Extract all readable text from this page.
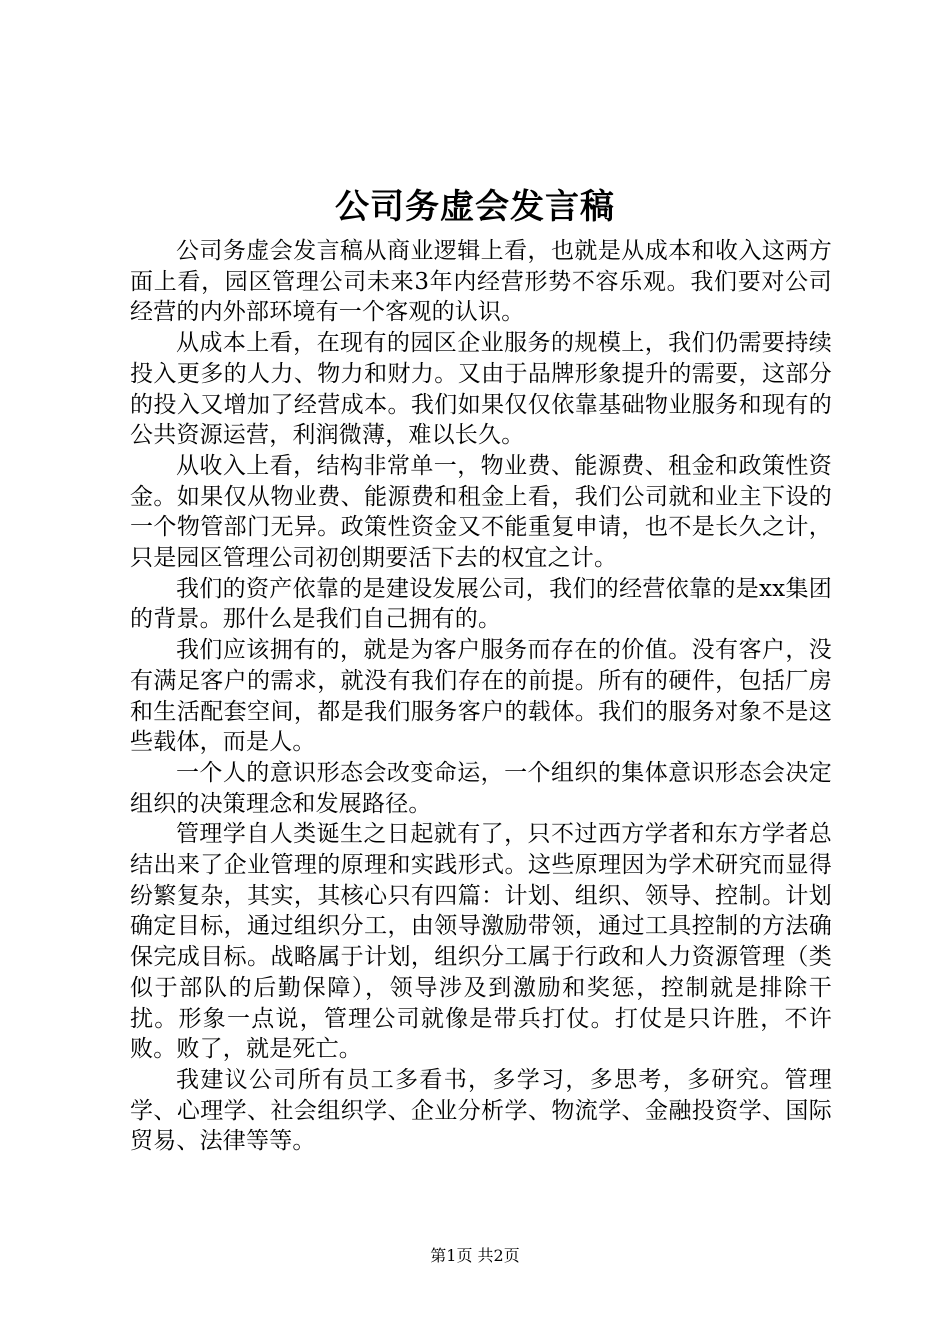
公司务虚会发言稿

公司务虚会发言稿从商业逻辑上看，也就是从成本和收入这两方面上看，园区管理公司未来3年内经营形势不容乐观。我们要对公司经营的内外部环境有一个客观的认识。

从成本上看，在现有的园区企业服务的规模上，我们仍需要持续投入更多的人力、物力和财力。又由于品牌形象提升的需要，这部分的投入又增加了经营成本。我们如果仅仅依靠基础物业服务和现有的公共资源运营，利润微薄，难以长久。

从收入上看，结构非常单一，物业费、能源费、租金和政策性资金。如果仅从物业费、能源费和租金上看，我们公司就和业主下设的一个物管部门无异。政策性资金又不能重复申请，也不是长久之计，只是园区管理公司初创期要活下去的权宜之计。

我们的资产依靠的是建设发展公司，我们的经营依靠的是xx集团的背景。那什么是我们自己拥有的。

我们应该拥有的，就是为客户服务而存在的价值。没有客户，没有满足客户的需求，就没有我们存在的前提。所有的硬件，包括厂房和生活配套空间，都是我们服务客户的载体。我们的服务对象不是这些载体，而是人。

一个人的意识形态会改变命运，一个组织的集体意识形态会决定组织的决策理念和发展路径。

管理学自人类诞生之日起就有了，只不过西方学者和东方学者总结出来了企业管理的原理和实践形式。这些原理因为学术研究而显得纷繁复杂，其实，其核心只有四篇：计划、组织、领导、控制。计划确定目标，通过组织分工，由领导激励带领，通过工具控制的方法确保完成目标。战略属于计划，组织分工属于行政和人力资源管理（类似于部队的后勤保障），领导涉及到激励和奖惩，控制就是排除干扰。形象一点说，管理公司就像是带兵打仗。打仗是只许胜，不许败。败了，就是死亡。

我建议公司所有员工多看书，多学习，多思考，多研究。管理学、心理学、社会组织学、企业分析学、物流学、金融投资学、国际贸易、法律等等。

第1页 共2页
